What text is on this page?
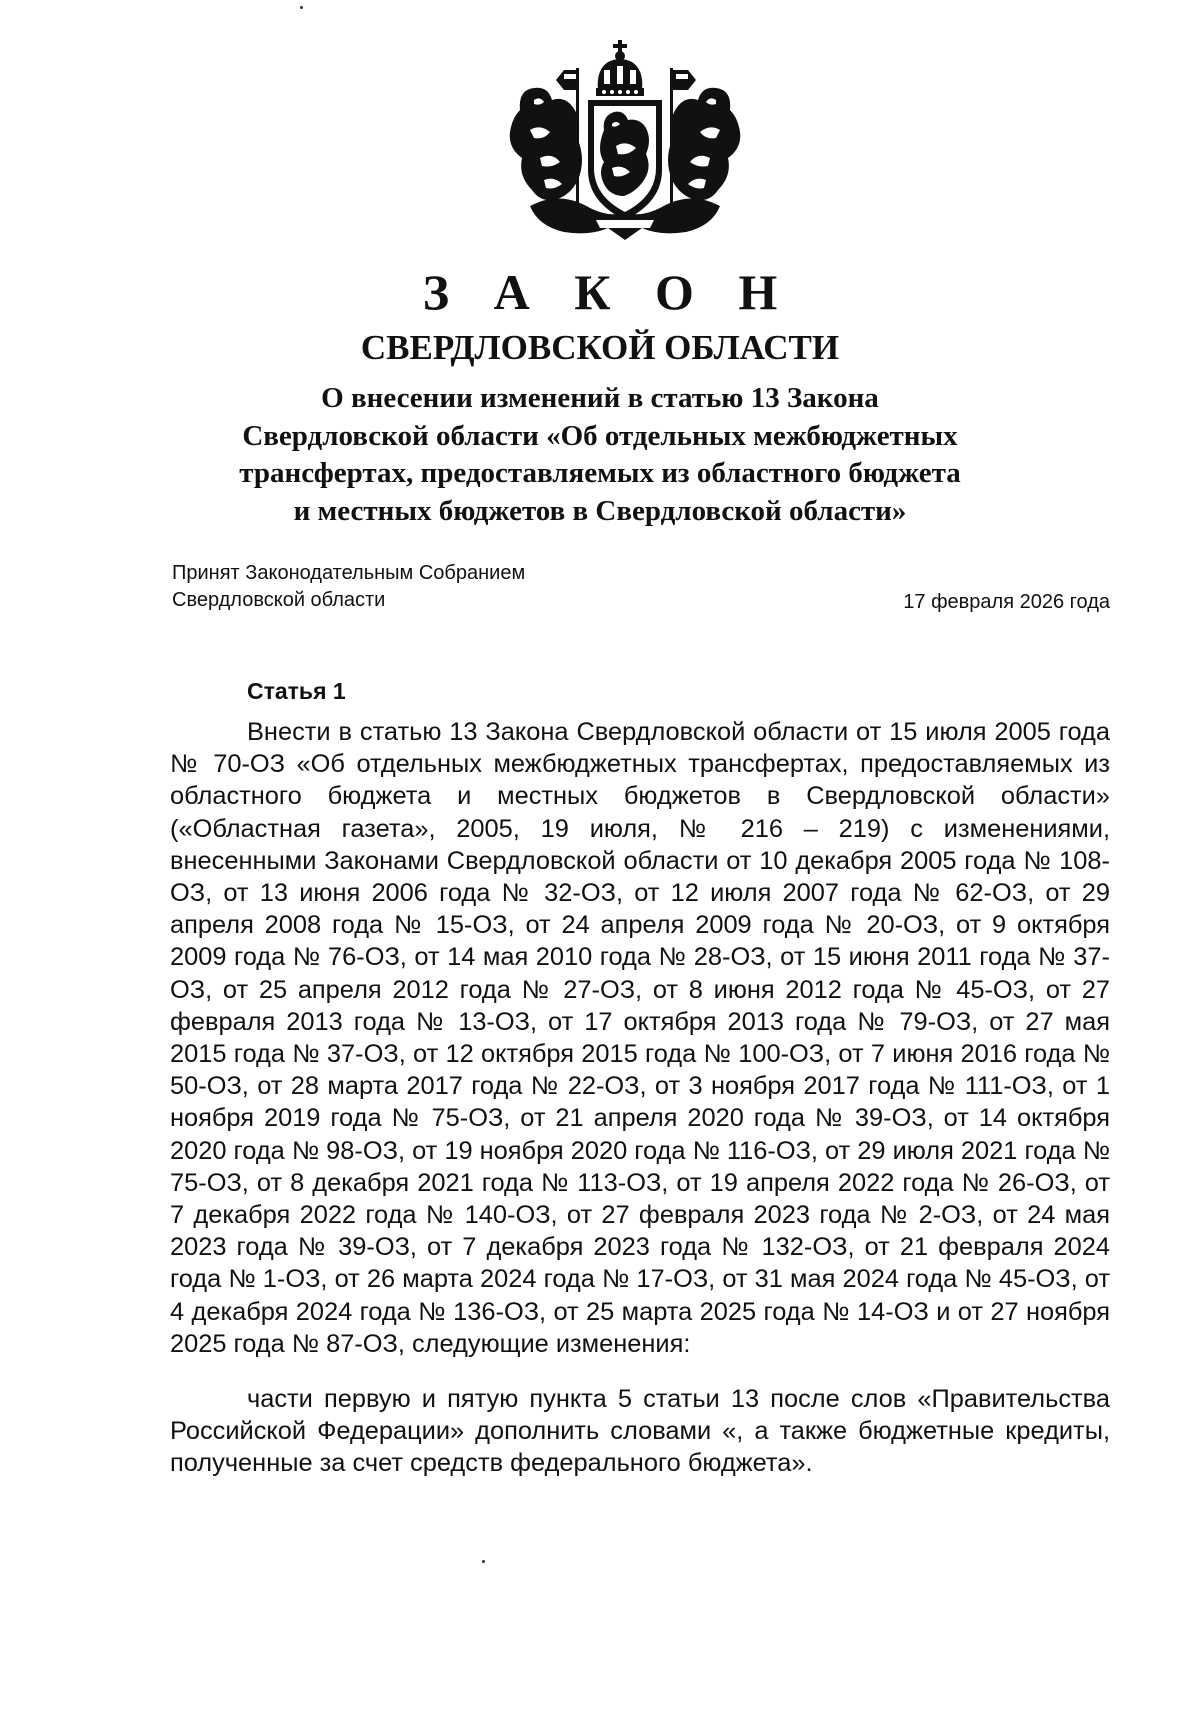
З А К О Н
СВЕРДЛОВСКОЙ ОБЛАСТИ
О внесении изменений в статью 13 Закона
Свердловской области «Об отдельных межбюджетных
трансфертах, предоставляемых из областного бюджета
и местных бюджетов в Свердловской области»
Принят Законодательным Собранием
Свердловской области	17 февраля 2026 года
Статья 1

Внести в статью 13 Закона Свердловской области от 15 июля 2005 года № 70-ОЗ «Об отдельных межбюджетных трансфертах, предоставляемых из областного бюджета и местных бюджетов в Свердловской области» («Областная газета», 2005, 19 июля, № 216 – 219) с изменениями, внесенными Законами Свердловской области от 10 декабря 2005 года № 108-ОЗ, от 13 июня 2006 года № 32-ОЗ, от 12 июля 2007 года № 62-ОЗ, от 29 апреля 2008 года № 15-ОЗ, от 24 апреля 2009 года № 20-ОЗ, от 9 октября 2009 года № 76-ОЗ, от 14 мая 2010 года № 28-ОЗ, от 15 июня 2011 года № 37-ОЗ, от 25 апреля 2012 года № 27-ОЗ, от 8 июня 2012 года № 45-ОЗ, от 27 февраля 2013 года № 13-ОЗ, от 17 октября 2013 года № 79-ОЗ, от 27 мая 2015 года № 37-ОЗ, от 12 октября 2015 года № 100-ОЗ, от 7 июня 2016 года № 50-ОЗ, от 28 марта 2017 года № 22-ОЗ, от 3 ноября 2017 года № 111-ОЗ, от 1 ноября 2019 года № 75-ОЗ, от 21 апреля 2020 года № 39-ОЗ, от 14 октября 2020 года № 98-ОЗ, от 19 ноября 2020 года № 116-ОЗ, от 29 июля 2021 года № 75-ОЗ, от 8 декабря 2021 года № 113-ОЗ, от 19 апреля 2022 года № 26-ОЗ, от 7 декабря 2022 года № 140-ОЗ, от 27 февраля 2023 года № 2-ОЗ, от 24 мая 2023 года № 39-ОЗ, от 7 декабря 2023 года № 132-ОЗ, от 21 февраля 2024 года № 1-ОЗ, от 26 марта 2024 года № 17-ОЗ, от 31 мая 2024 года № 45-ОЗ, от 4 декабря 2024 года № 136-ОЗ, от 25 марта 2025 года № 14-ОЗ и от 27 ноября 2025 года № 87-ОЗ, следующие изменения:

части первую и пятую пункта 5 статьи 13 после слов «Правительства Российской Федерации» дополнить словами «, а также бюджетные кредиты, полученные за счет средств федерального бюджета».
